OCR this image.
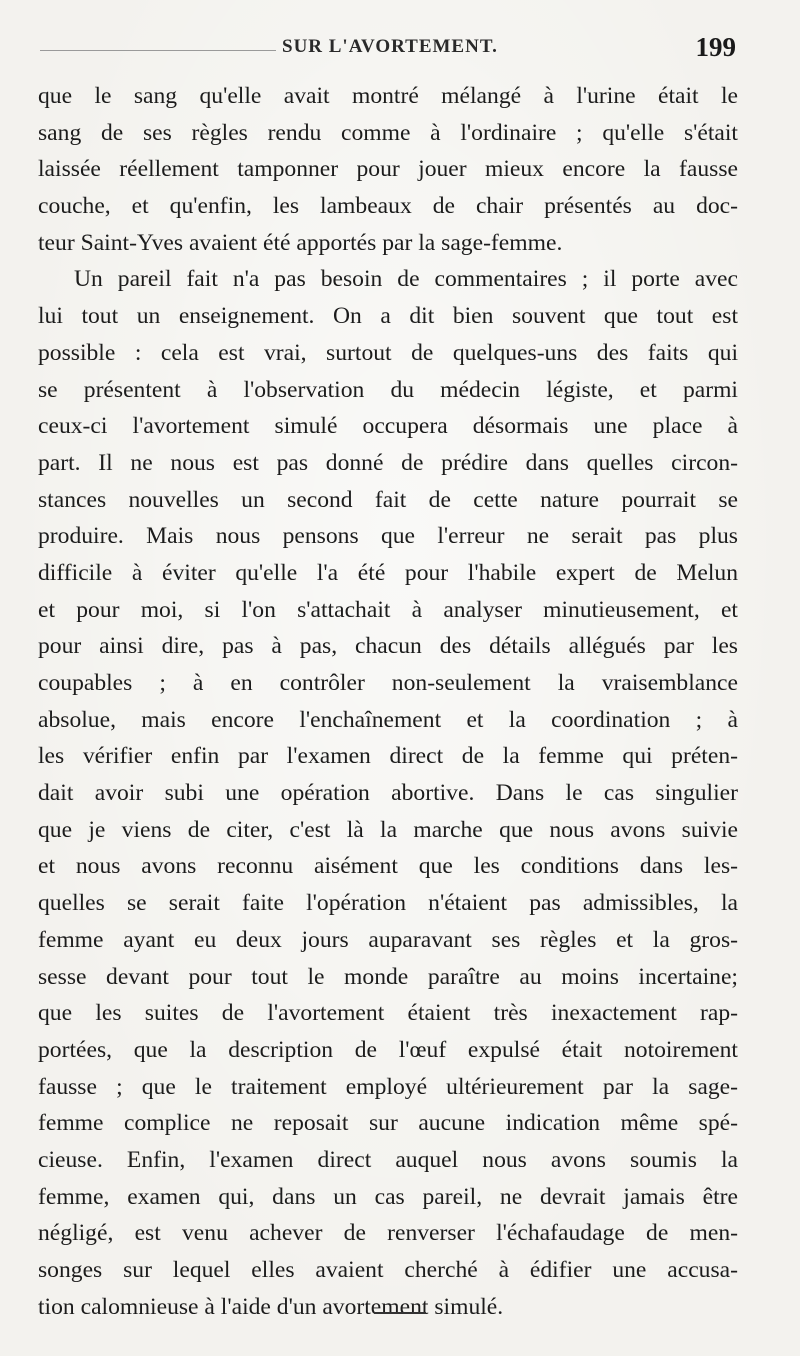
SUR L'AVORTEMENT.	199
que le sang qu'elle avait montré mélangé à l'urine était le
sang de ses règles rendu comme à l'ordinaire ; qu'elle s'était
laissée réellement tamponner pour jouer mieux encore la fausse
couche, et qu'enfin, les lambeaux de chair présentés au doc-
teur Saint-Yves avaient été apportés par la sage-femme.
Un pareil fait n'a pas besoin de commentaires ; il porte avec
lui tout un enseignement. On a dit bien souvent que tout est
possible : cela est vrai, surtout de quelques-uns des faits qui
se présentent à l'observation du médecin légiste, et parmi
ceux-ci l'avortement simulé occupera désormais une place à
part. Il ne nous est pas donné de prédire dans quelles circon-
stances nouvelles un second fait de cette nature pourrait se
produire. Mais nous pensons que l'erreur ne serait pas plus
difficile à éviter qu'elle l'a été pour l'habile expert de Melun
et pour moi, si l'on s'attachait à analyser minutieusement, et
pour ainsi dire, pas à pas, chacun des détails allégués par les
coupables ; à en contrôler non-seulement la vraisemblance
absolue, mais encore l'enchaînement et la coordination ; à
les vérifier enfin par l'examen direct de la femme qui préten-
dait avoir subi une opération abortive. Dans le cas singulier
que je viens de citer, c'est là la marche que nous avons suivie
et nous avons reconnu aisément que les conditions dans les-
quelles se serait faite l'opération n'étaient pas admissibles, la
femme ayant eu deux jours auparavant ses règles et la gros-
sesse devant pour tout le monde paraître au moins incertaine;
que les suites de l'avortement étaient très inexactement rap-
portées, que la description de l'œuf expulsé était notoirement
fausse ; que le traitement employé ultérieurement par la sage-
femme complice ne reposait sur aucune indication même spé-
cieuse. Enfin, l'examen direct auquel nous avons soumis la
femme, examen qui, dans un cas pareil, ne devrait jamais être
négligé, est venu achever de renverser l'échafaudage de men-
songes sur lequel elles avaient cherché à édifier une accusa-
tion calomnieuse à l'aide d'un avortement simulé.
